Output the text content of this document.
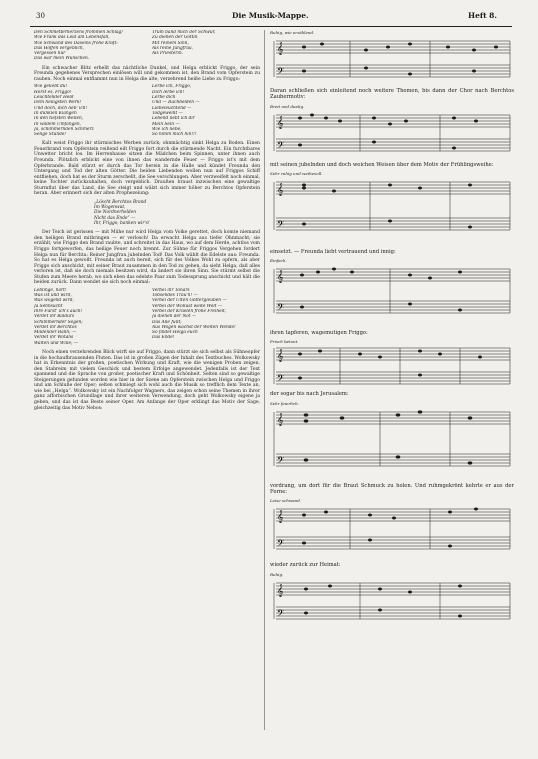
30	Die Musik-Mappe.	Heft 8.
Den Schmetterherzens frommen Schlag!
Wie Frank das Leid am Lebensfall,
Wie Schwand des Daseins frohe Kraft:
Das Hoffen vergeblich,
Vergessen nur
Das war mein Wünschen.
Trum band mich der Schwur,
Zu dienen der Göttin
Mit reinem Sinn,
Als reine Jungfrau,
Als Priesterin.

Ein schwacher Blitz erhellt das nächtliche Dunkel, und Helga erblickt Friggo, der sein Freunda gegebenes Versprechen einlösen will und gekommen ist, den Brand vom Opferstein zu rauben. Noch einmal entflammt nun in Helga die alte, verzehrend heiße Liebe zu Friggo:

Wie geliebt du!
Hörst es, Friggo!
Leuchtender Held
Dem heiligsten Werk!
Und doch, dich lieb' ich!
In dunklen Klängen
In den tiefsten Wellen,
In wildem Umfangen,
Ja, schimmernden Schmerz
Selige Stunde!
Lerbe ich, Friggo,
Dich lerbe ich!
Lerbe dich
Und — Rachbelden —
Liebeleuchtend —
Todgeweiht —
Lebend liebt ich dir
Mein Sein —
Wie ich liebe,
So nimm mich hin!!!

Kalt weist Friggo ihr stürmisches Werben zurück; ohnmächtig sinkt Helga zu Boden. Einen Feuerbrand vom Opferstein reißend eilt Friggo fort durch die stürmende Nacht. Ein furchtbares Unwetter bricht los. Im Herrenhause sitzen die Mädchen beim Spinnen, unter ihnen auch Freunda. Plötzlich erblickt eine von ihnen das wandernde Feuer — Friggo ist's mit dem Opferbrande. Bald stürzt er durch das Tor herein in die Halle und kündet Freunda den Untergang und Tod der alten Götter. Die beiden Liebenden wollen nun auf Friggos Schiff entfliehen, doch hat es der Sturm zerschellt, die See verschlungen. Aber verzweifelt noch einmal, keine Tochter zurückzuhalten, doch vergeblich. Draußen braust inzwischen eine gewaltige Sturmflut über das Land, die See steigt und wälzt sich immer höher zu Berchtos Opferstein heran. Aber erinnert sich der alten Prophezeiung:

„Löscht Berchtos Brand
Im Wogenwut,
Die Nordnerhelden
Nicht das Ende“ —
Ihr, Friggo, banken wir's!

Der Teich ist gerissen — mit Mühe nur wird Helga vom Volke gerettet, doch komte niemand den heiligen Brand mitbringen — er verlosch! Da erwacht Helga aus tiefer Ohnmacht; sie erzählt, wie Friggo den Brand raubte, und schreitet in das Haus, wo auf dem Herde, achtlos vom Friggo fortgeworfen, das heilige Feuer noch brennt. Zur Sühne für Friggos Vergehen fordert Helga nun für Berchta: Reiner Jungfrau jubelnden Tod! Das Volk wählt die Edelste aus: Freunda. So hat es Helga gewollt. Freunda ist auch bereit, sich für des Volkes Wohl zu opfern, als aber Friggo sich anschickt, mit seiner Braut zusammen in den Tod zu gehen, da sieht Helga, daß alles verloren ist, daß sie doch niemals besitzen wird, da ändert sie ihren Sinn. Sie stürmt selbst die Stufen zum Meere herab, wo sich eben das edelste Paar zum Todessprung anschickt und hält die beiden zurück. Dann wendet sie sich noch einmal:

Leblinge, hört!
Was ist und wird,
Was wogend wird,
Ja Sehnsucht
Ihre Fürst' ich's auch!
Verdet ihr Baldurs
Schimmernder Segen;
Verdet ihr Berchtos
Mildender Bann; —
Verdet ihr Wotans
Walten und Wille; —
Verbei ihr Tonars
Tobsendes Träu'n! —
Verbei der Ulten Göttergleuben —
Verbei der Wollust weite Welt —
Verbei der Kraelen frohe Freiheit,
Ja dienen der Not —
Das Alle füllt;
Aus Wogen wächst der Welten Wende!
So findet Helga euch
Das Ende!

Noch einen verzehrenden Blick wirft sie auf Friggo, dann stürzt sie sich selbst als Sühneopfer in die hochaufbrausenden Fluten. Das ist in großen Zügen der Inhalt des Textbuches. Wolkowsky hat in Erkenntnis der großen, poetischen Wirkung und Kraft, wie die wenigen Proben zeigen, den Stabreim mit vielem Geschick und bestem Erfolge angewendet. Jedenfalls ist der Text spannend und die Sprache von großer, poetischer Kraft und Schönheit. Selten sind so gewaltige Steigerungen gefunden worden wie hier in der Szene am Opferstein zwischen Helga und Friggo und am Schluße der Oper; selten schmiegt sich wohl auch die Musik so trefflich dem Texte an, wie bei „Helga“. Wolkowsky ist ein Nachfolger Wagners, das zeigen schon seine Themen in ihrer ganz afforbischen Grundlage und ihrer weiteren Verwendung, doch geht Wolkowsky eigene ja geben, und das ist das Beste seiner Oper. Am Anfange der Oper erklingt das Motiv der Sage, gleichzeitig das Motiv Nebos:

Ruhig, wie erzählend.

𝄞
𝄢

Daran schließen sich einleitend noch weitere Themen, bis dann der Chor nach Berchtos Zaubermotiv:

Breit und dustig.

𝄞
𝄢

mit seinen jubelnden und doch weichen Weisen über dem Motiv der Frühlingsweihe:

Sehr ruhig und weihevoll.

𝄞
𝄢

einsetzt. — Freunda liebt vertrauend und innig:

Einfach.

𝄞
𝄢

ihren tapferen, wagemutigen Friggo:

Frisch betont.

𝄞
𝄢

der sogar bis nach Jerusalem:

Sehr feierlich.

𝄞
𝄢

vordrang, um dort für die Braut Schmuck zu holen. Und ruhmgekrönt kehrte er aus der Ferne:

Leise schwand.

𝄞
𝄢

wieder zurück zur Heimat:

Ruhig.

𝄞
𝄢
